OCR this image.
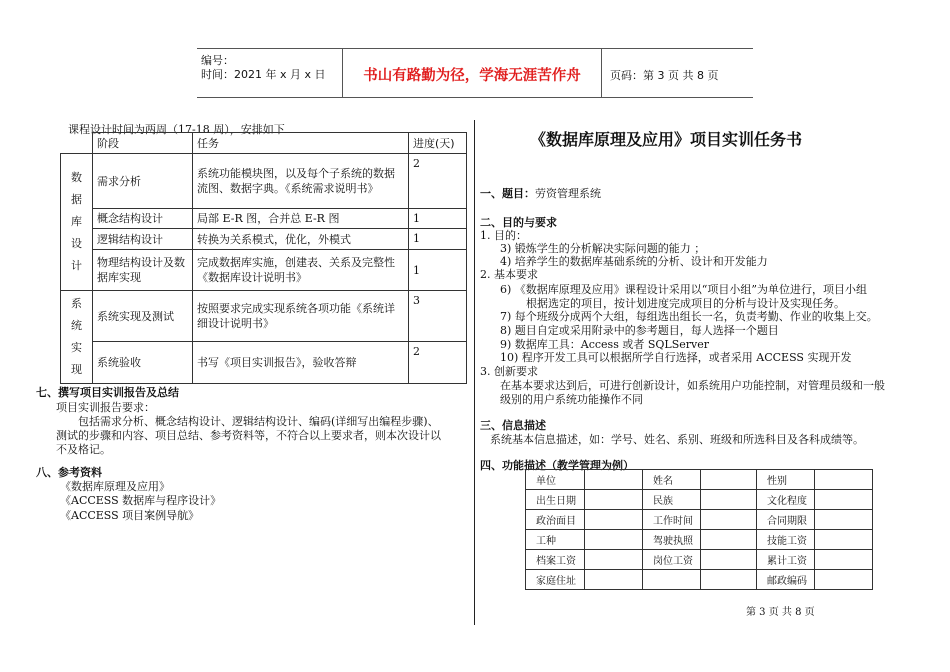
编号：
时间：2021 年 x 月 x 日	书山有路勤为径，学海无涯苦作舟	页码：第 3 页 共 8 页
课程设计时间为两周（17-18 周），安排如下
	阶段	任务	进度(天)
数
据
库
设
计	需求分析	系统功能模块图，以及每个子系统的数据流图、数据字典。《系统需求说明书》	2
	概念结构设计	局部 E-R 图，合并总 E-R 图	1
	逻辑结构设计	转换为关系模式，优化，外模式	1
	物理结构设计及数据库实现	完成数据库实施，创建表、关系及完整性 《数据库设计说明书》	1
系
统
实
现	系统实现及测试	按照要求完成实现系统各项功能《系统详细设计说明书》	3
	系统验收	书写《项目实训报告》，验收答辩	2
七、撰写项目实训报告及总结
项目实训报告要求：
包括需求分析、概念结构设计、逻辑结构设计、编码(详细写出编程步骤)、
测试的步骤和内容、项目总结、参考资料等，不符合以上要求者，则本次设计以
不及格记。
八、参考资料
《数据库原理及应用》
《ACCESS 数据库与程序设计》
《ACCESS 项目案例导航》
《数据库原理及应用》项目实训任务书
一、题目：劳资管理系统
二、目的与要求
1. 目的：
3) 锻炼学生的分析解决实际问题的能力 ；
4) 培养学生的数据库基础系统的分析、设计和开发能力
2. 基本要求
6) 《数据库原理及应用》课程设计采用以“项目小组”为单位进行，项目小组
根据选定的项目，按计划进度完成项目的分析与设计及实现任务。
7) 每个班级分成两个大组，每组选出组长一名，负责考勤、作业的收集上交。
8) 题目自定或采用附录中的参考题目，每人选择一个题目
9) 数据库工具：Access 或者 SQLServer
10) 程序开发工具可以根据所学自行选择，或者采用 ACCESS 实现开发
3. 创新要求
在基本要求达到后，可进行创新设计，如系统用户功能控制，对管理员级和一般
级别的用户系统功能操作不同
三、信息描述
系统基本信息描述，如：学号、姓名、系别、班级和所选科目及各科成绩等。
四、功能描述（教学管理为例）
单位		姓名		性别	
出生日期		民族		文化程度	
政治面目		工作时间		合同期限	
工种		驾驶执照		技能工资	
档案工资		岗位工资		累计工资	
家庭住址				邮政编码	
第 3 页 共 8 页
